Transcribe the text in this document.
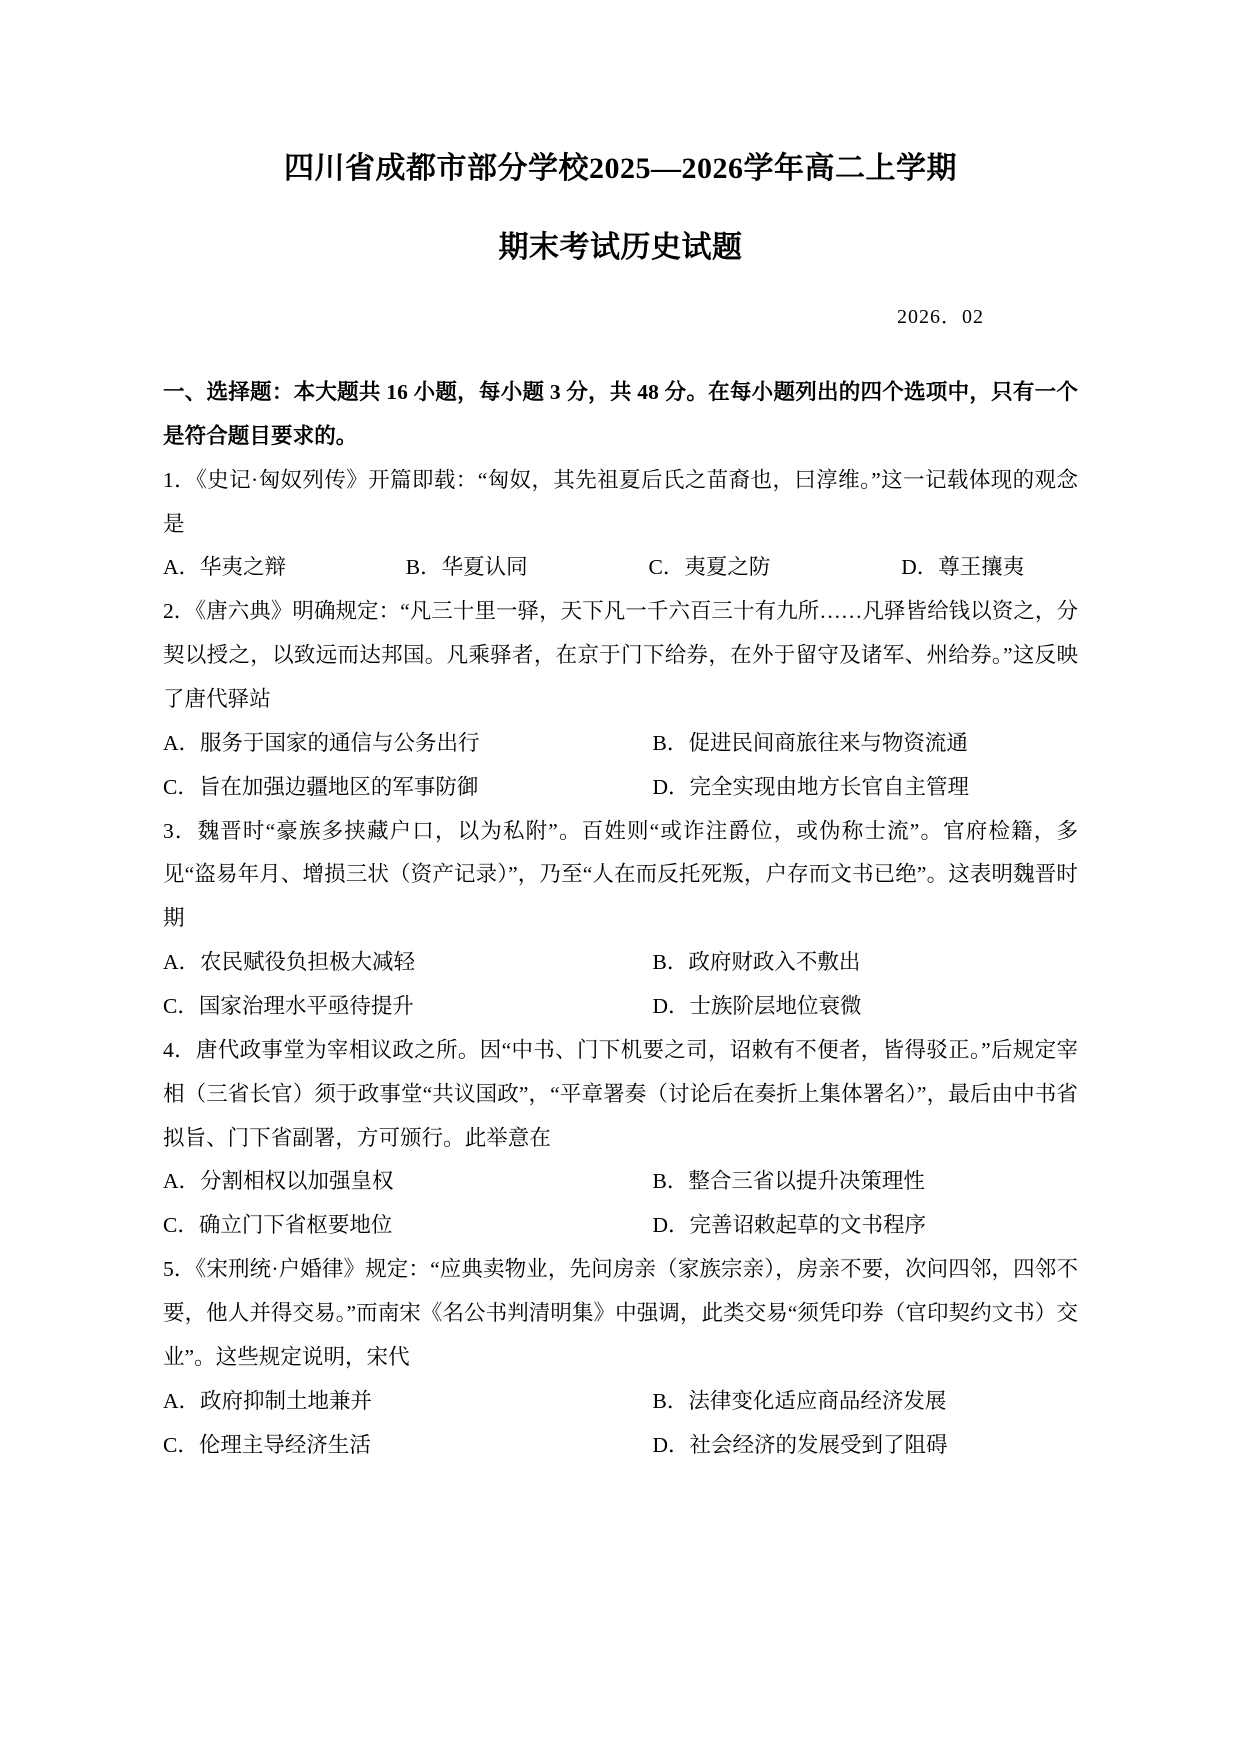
四川省成都市部分学校2025—2026学年高二上学期
期末考试历史试题
2026．02
一、选择题：本大题共 16 小题，每小题 3 分，共 48 分。在每小题列出的四个选项中，只有一个是符合题目要求的。
1．《史记·匈奴列传》开篇即载：“匈奴，其先祖夏后氏之苗裔也，曰淳维。”这一记载体现的观念是
A．华夷之辩	B．华夏认同	C．夷夏之防	D．尊王攘夷
2．《唐六典》明确规定：“凡三十里一驿，天下凡一千六百三十有九所……凡驿皆给钱以资之，分契以授之，以致远而达邦国。凡乘驿者，在京于门下给券，在外于留守及诸军、州给券。”这反映了唐代驿站
A．服务于国家的通信与公务出行	B．促进民间商旅往来与物资流通
C．旨在加强边疆地区的军事防御	D．完全实现由地方长官自主管理
3．魏晋时“豪族多挟藏户口，以为私附”。百姓则“或诈注爵位，或伪称士流”。官府检籍，多见“盗易年月、增损三状（资产记录）”，乃至“人在而反托死叛，户存而文书已绝”。这表明魏晋时期
A．农民赋役负担极大减轻	B．政府财政入不敷出
C．国家治理水平亟待提升	D．士族阶层地位衰微
4．唐代政事堂为宰相议政之所。因“中书、门下机要之司，诏敕有不便者，皆得驳正。”后规定宰相（三省长官）须于政事堂“共议国政”，“平章署奏（讨论后在奏折上集体署名）”，最后由中书省拟旨、门下省副署，方可颁行。此举意在
A．分割相权以加强皇权	B．整合三省以提升决策理性
C．确立门下省枢要地位	D．完善诏敕起草的文书程序
5．《宋刑统·户婚律》规定：“应典卖物业，先问房亲（家族宗亲），房亲不要，次问四邻，四邻不要，他人并得交易。”而南宋《名公书判清明集》中强调，此类交易“须凭印券（官印契约文书）交业”。这些规定说明，宋代
A．政府抑制土地兼并	B．法律变化适应商品经济发展
C．伦理主导经济生活	D．社会经济的发展受到了阻碍
